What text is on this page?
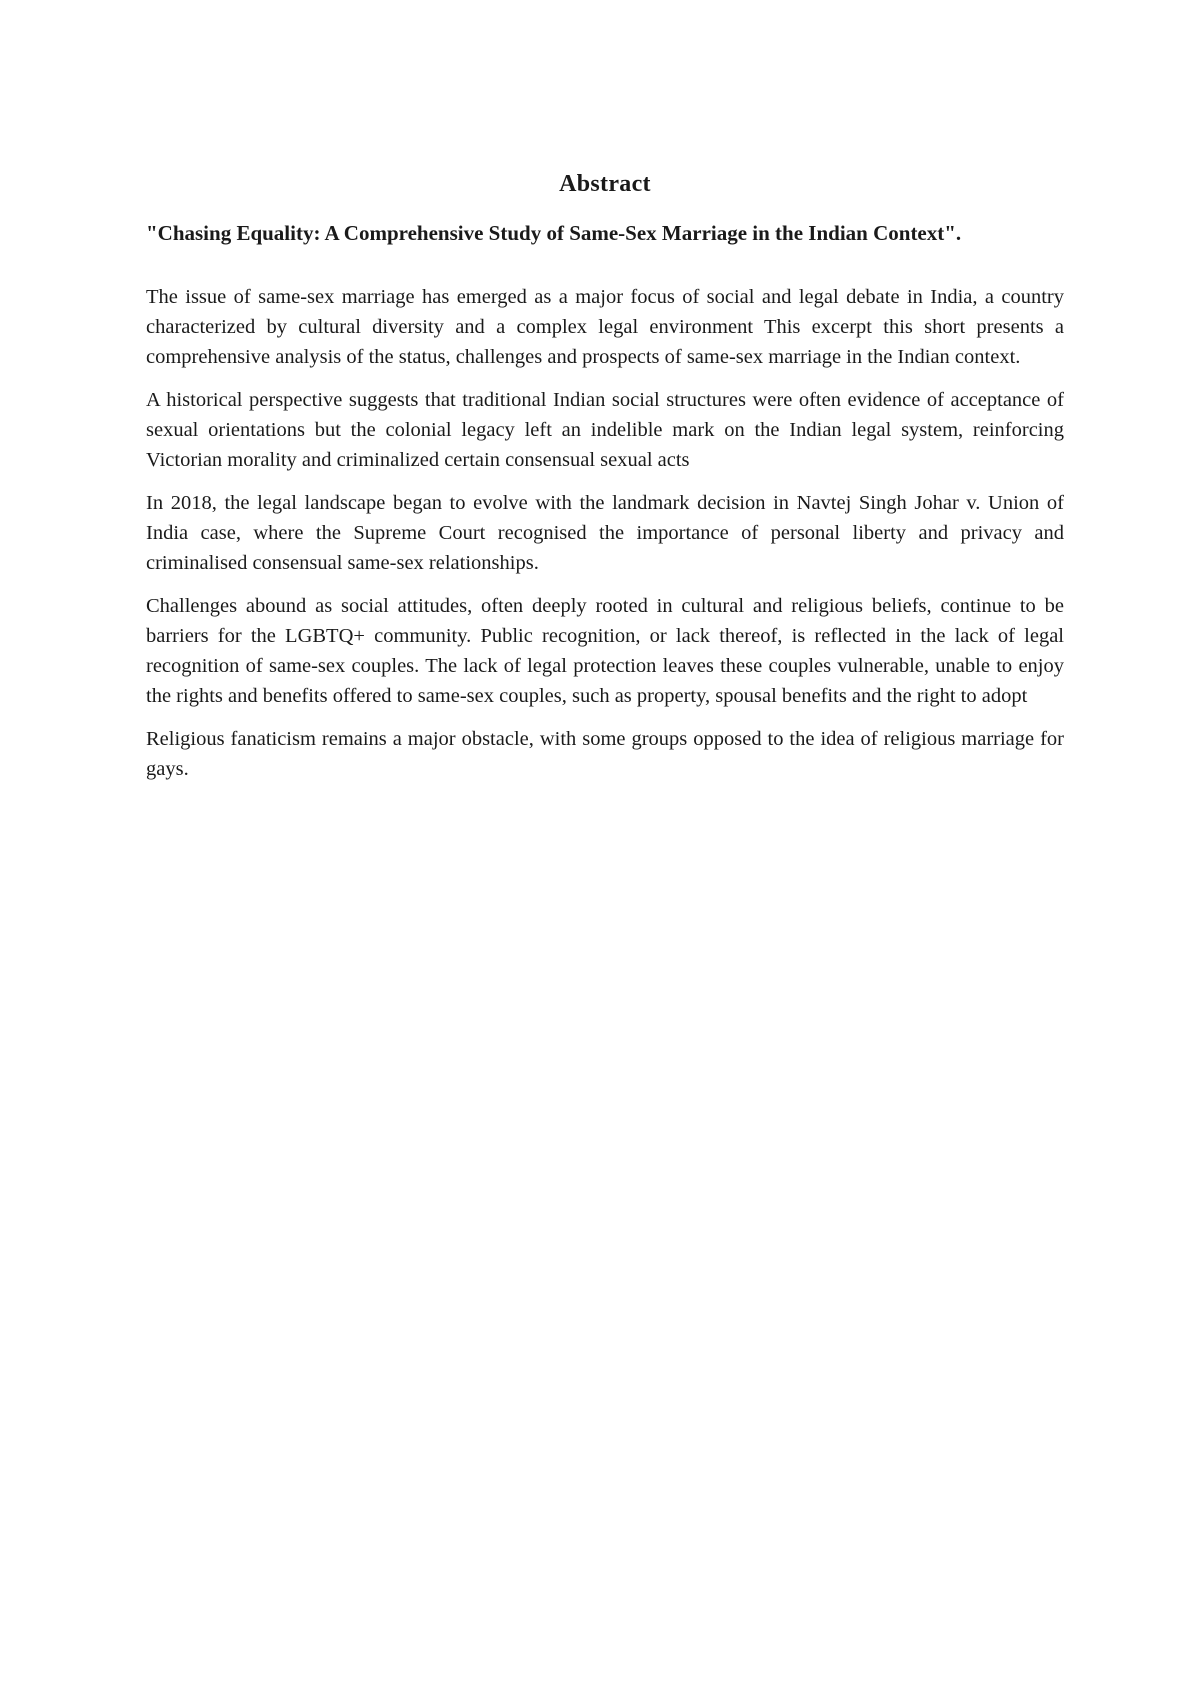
Abstract
"Chasing Equality: A Comprehensive Study of Same-Sex Marriage in the Indian Context".

The issue of same-sex marriage has emerged as a major focus of social and legal debate in India, a country characterized by cultural diversity and a complex legal environment This excerpt this short presents a comprehensive analysis of the status, challenges and prospects of same-sex marriage in the Indian context.

A historical perspective suggests that traditional Indian social structures were often evidence of acceptance of sexual orientations but the colonial legacy left an indelible mark on the Indian legal system, reinforcing Victorian morality and criminalized certain consensual sexual acts

In 2018, the legal landscape began to evolve with the landmark decision in Navtej Singh Johar v. Union of India case, where the Supreme Court recognised the importance of personal liberty and privacy and criminalised consensual same-sex relationships.

Challenges abound as social attitudes, often deeply rooted in cultural and religious beliefs, continue to be barriers for the LGBTQ+ community. Public recognition, or lack thereof, is reflected in the lack of legal recognition of same-sex couples. The lack of legal protection leaves these couples vulnerable, unable to enjoy the rights and benefits offered to same-sex couples, such as property, spousal benefits and the right to adopt

Religious fanaticism remains a major obstacle, with some groups opposed to the idea of religious marriage for gays.
